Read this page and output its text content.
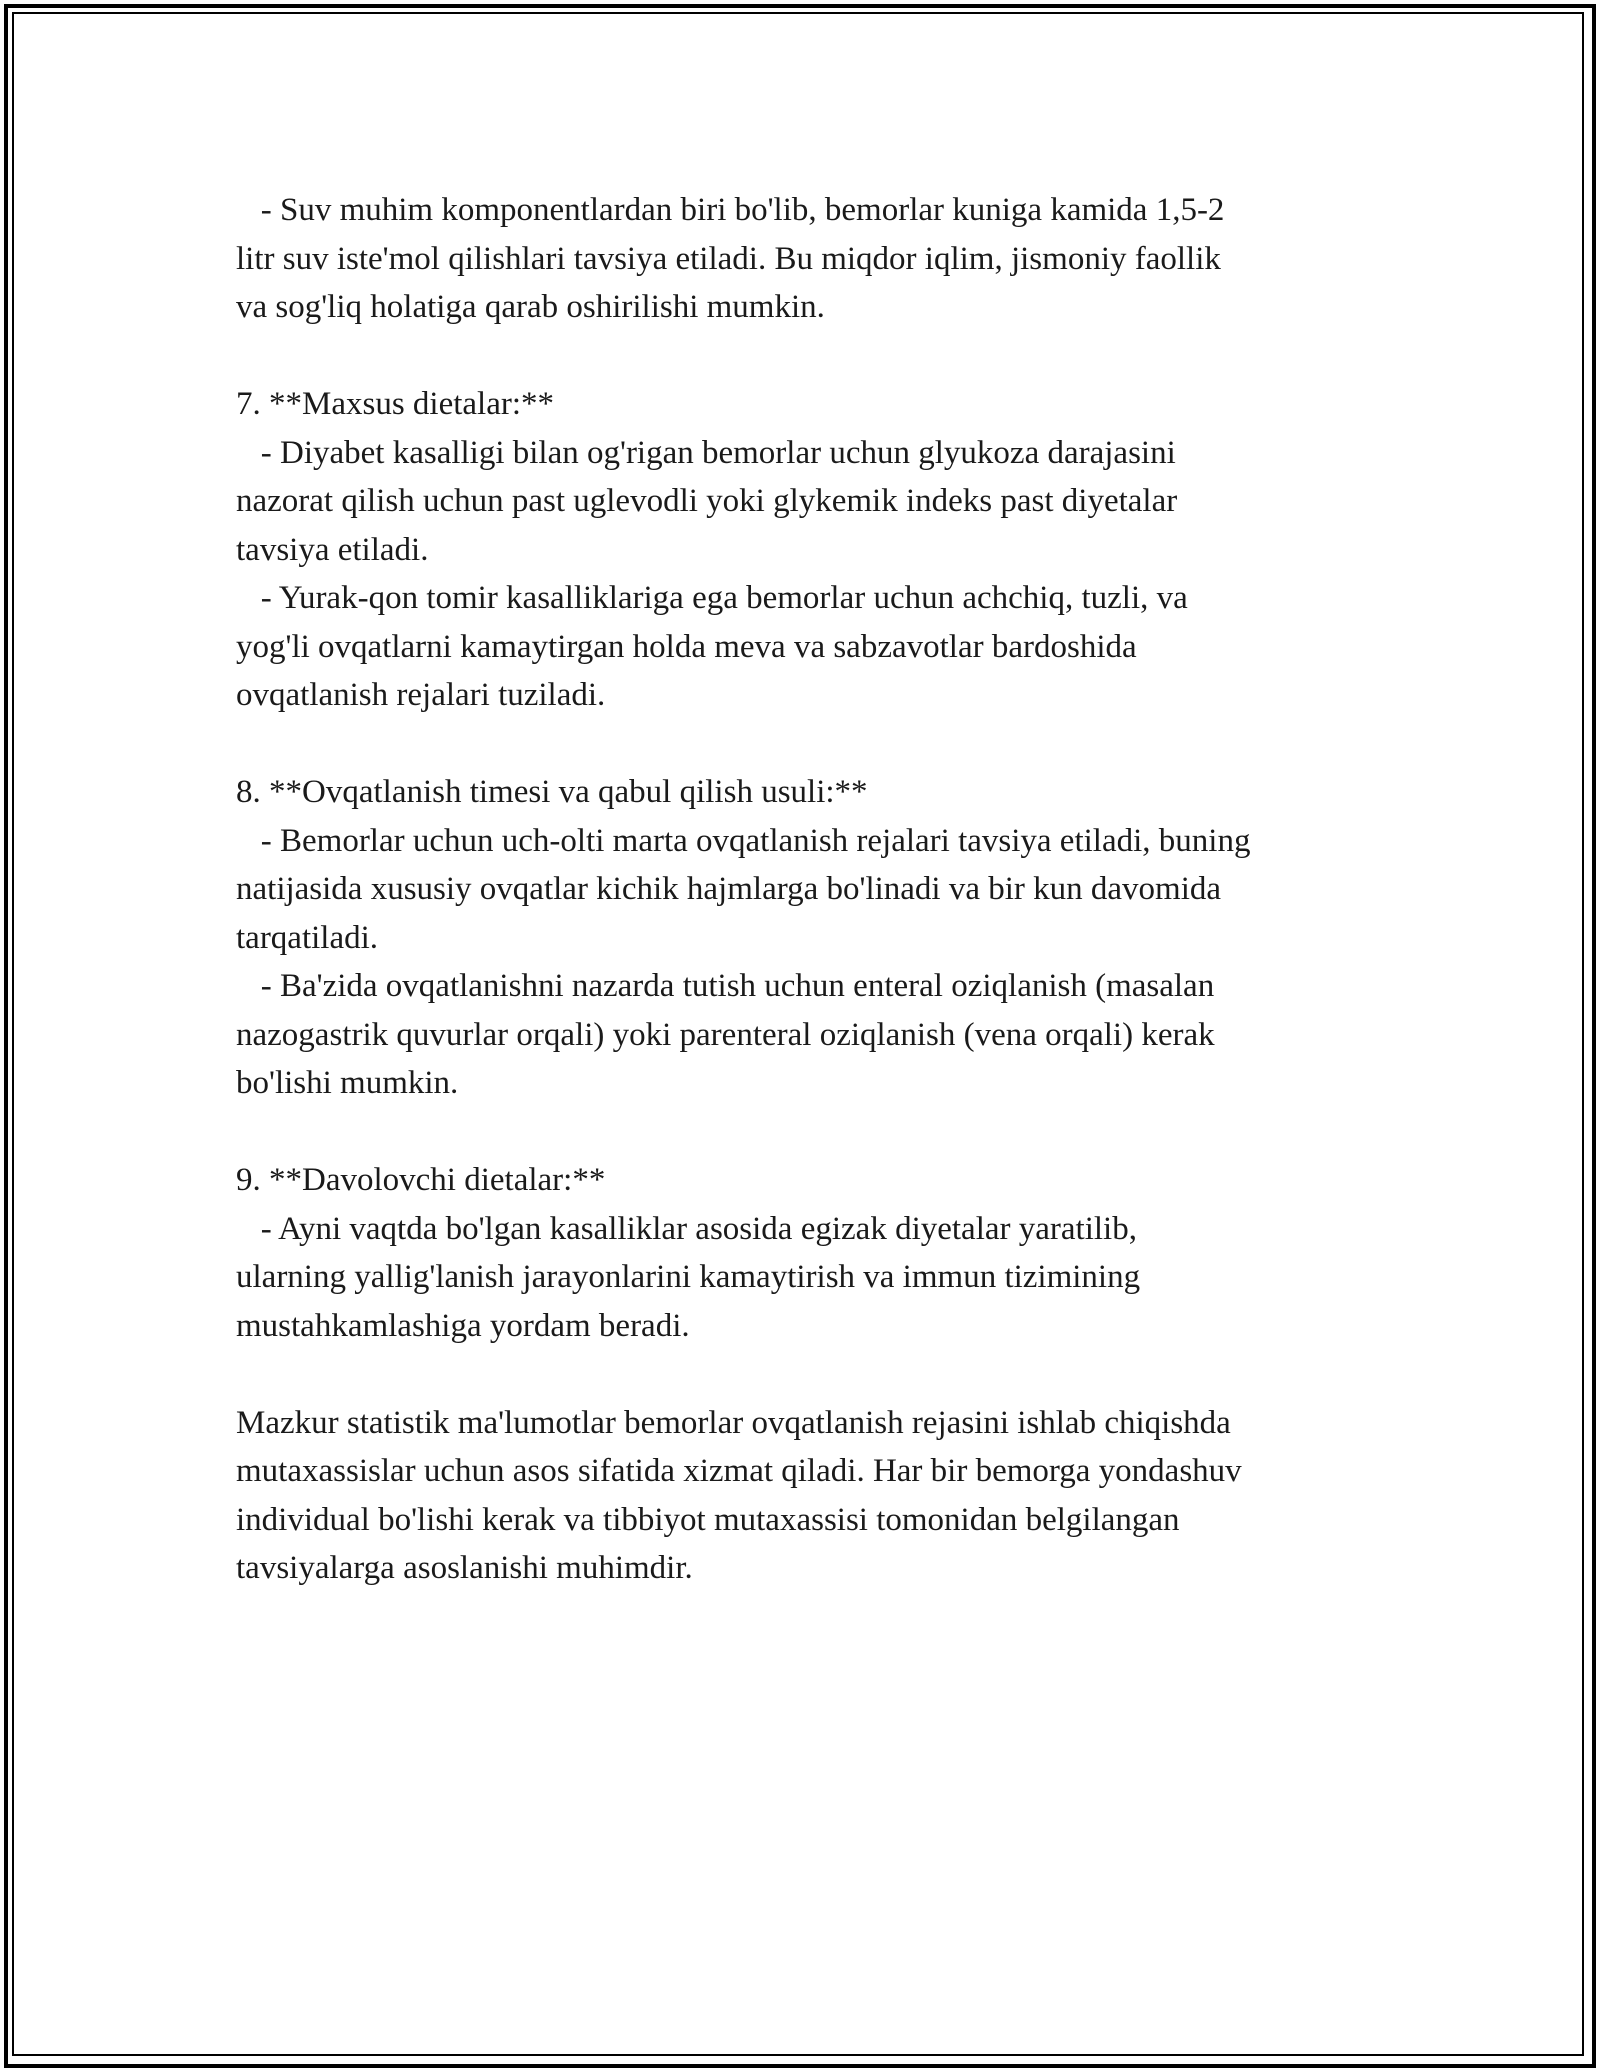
- Suv muhim komponentlardan biri bo'lib, bemorlar kuniga kamida 1,5-2
litr suv iste'mol qilishlari tavsiya etiladi. Bu miqdor iqlim, jismoniy faollik
va sog'liq holatiga qarab oshirilishi mumkin.
7. **Maxsus dietalar:**
- Diyabet kasalligi bilan og'rigan bemorlar uchun glyukoza darajasini
nazorat qilish uchun past uglevodli yoki glykemik indeks past diyetalar
tavsiya etiladi.
- Yurak-qon tomir kasalliklariga ega bemorlar uchun achchiq, tuzli, va
yog'li ovqatlarni kamaytirgan holda meva va sabzavotlar bardoshida
ovqatlanish rejalari tuziladi.
8. **Ovqatlanish timesi va qabul qilish usuli:**
- Bemorlar uchun uch-olti marta ovqatlanish rejalari tavsiya etiladi, buning
natijasida xususiy ovqatlar kichik hajmlarga bo'linadi va bir kun davomida
tarqatiladi.
- Ba'zida ovqatlanishni nazarda tutish uchun enteral oziqlanish (masalan
nazogastrik quvurlar orqali) yoki parenteral oziqlanish (vena orqali) kerak
bo'lishi mumkin.
9. **Davolovchi dietalar:**
- Ayni vaqtda bo'lgan kasalliklar asosida egizak diyetalar yaratilib,
ularning yallig'lanish jarayonlarini kamaytirish va immun tizimining
mustahkamlashiga yordam beradi.
Mazkur statistik ma'lumotlar bemorlar ovqatlanish rejasini ishlab chiqishda
mutaxassislar uchun asos sifatida xizmat qiladi. Har bir bemorga yondashuv
individual bo'lishi kerak va tibbiyot mutaxassisi tomonidan belgilangan
tavsiyalarga asoslanishi muhimdir.
